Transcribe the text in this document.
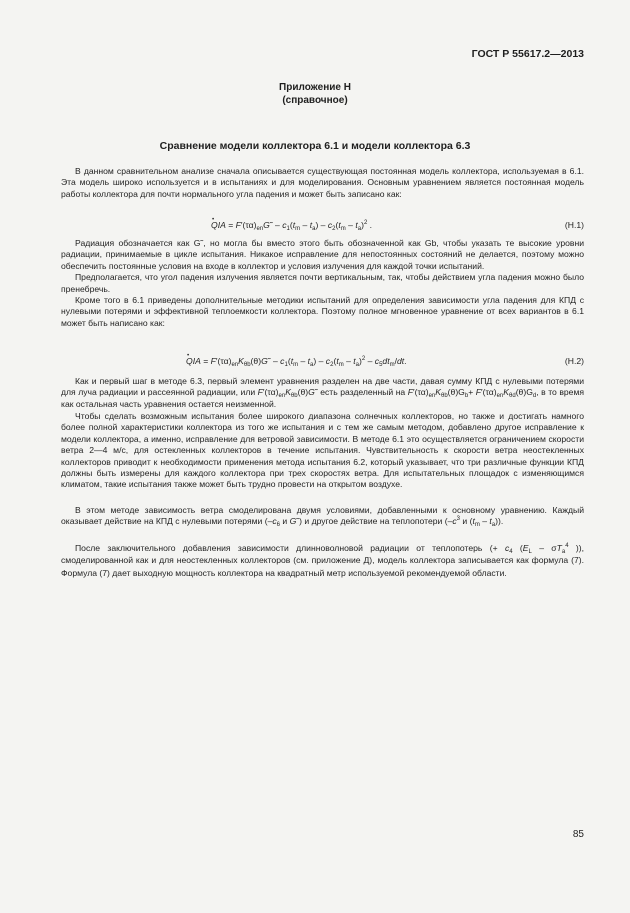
ГОСТ Р 55617.2—2013
Приложение Н
(справочное)
Сравнение модели коллектора 6.1 и модели коллектора 6.3

В данном сравнительном анализе сначала описывается существующая постоянная модель коллектора, используемая в 6.1. Эта модель широко используется и в испытаниях и для моделирования. Основным уравнением является постоянная модель работы коллектора для почти нормального угла падения и может быть записано как:

• QIA = $F'(\tau\alpha)_{en}G˜ - c_1(t_m - t_a) - c_2(t_m - t_a)^2$ .	(Н.1)

Радиация обозначается как G˜, но могла бы вместо этого быть обозначенной как Gb, чтобы указать те высокие уровни радиации, принимаемые в цикле испытания. Никакое исправление для непостоянных состояний не делается, поэтому можно обеспечить постоянные условия на входе в коллектор и условия излучения для каждой точки испытаний.

Предполагается, что угол падения излучения является почти вертикальным, так, чтобы действием угла падения можно было пренебречь.

Кроме того в 6.1 приведены дополнительные методики испытаний для определения зависимости угла падения для КПД с нулевыми потерями и эффективной теплоемкости коллектора. Поэтому полное мгновенное уравнение от всех вариантов в 6.1 может быть написано как:

• QIA = $F'(\tau\alpha)_{en}K_{\theta b}(\theta)G˜ - c_1(t_m - t_a) - c_2(t_m - t_a)^2 - c_5dt_m/dt$.	(Н.2)

Как и первый шаг в методе 6.3, первый элемент уравнения разделен на две части, давая сумму КПД с нулевыми потерями для луча радиации и рассеянной радиации, или $F'(\tau\alpha)_{en}K_{\theta b}(\theta)G˜$ есть разделенный на $F'(\tau\alpha)_{en}K_{\theta b}(\theta)G_b+ F'(\tau\alpha)_{en}K_{\theta d}(\theta)G_d$, в то время как остальная часть уравнения остается неизменной.

Чтобы сделать возможным испытания более широкого диапазона солнечных коллекторов, но также и достигать намного более полной характеристики коллектора из того же испытания и с тем же самым методом, добавлено другое исправление к модели коллектора, а именно, исправление для ветровой зависимости. В методе 6.1 это осуществляется ограничением скорости ветра 2—4 м/с, для остекленных коллекторов в течение испытания. Чувствительность к скорости ветра неостекленных коллекторов приводит к необходимости применения метода испытания 6.2, который указывает, что три различные функции КПД должны быть измерены для каждого коллектора при трех скоростях ветра. Для испытательных площадок с изменяющимся климатом, такие испытания также может быть трудно провести на открытом воздухе.

В этом методе зависимость ветра смоделирована двумя условиями, добавленными к основному уравнению. Каждый оказывает действие на КПД с нулевыми потерями ($-c_6$ и G˜) и другое действие на теплопотери ($-c^3$ и $(t_m - t_a)$).

После заключительного добавления зависимости длинноволновой радиации от теплопотерь (+ $c_4$ ($E_L - \sigma T_a^4$ )), смоделированной как и для неостекленных коллекторов (см. приложение Д), модель коллектора записывается как формула (7). Формула (7) дает выходную мощность коллектора на квадратный метр используемой рекомендуемой области.

85
